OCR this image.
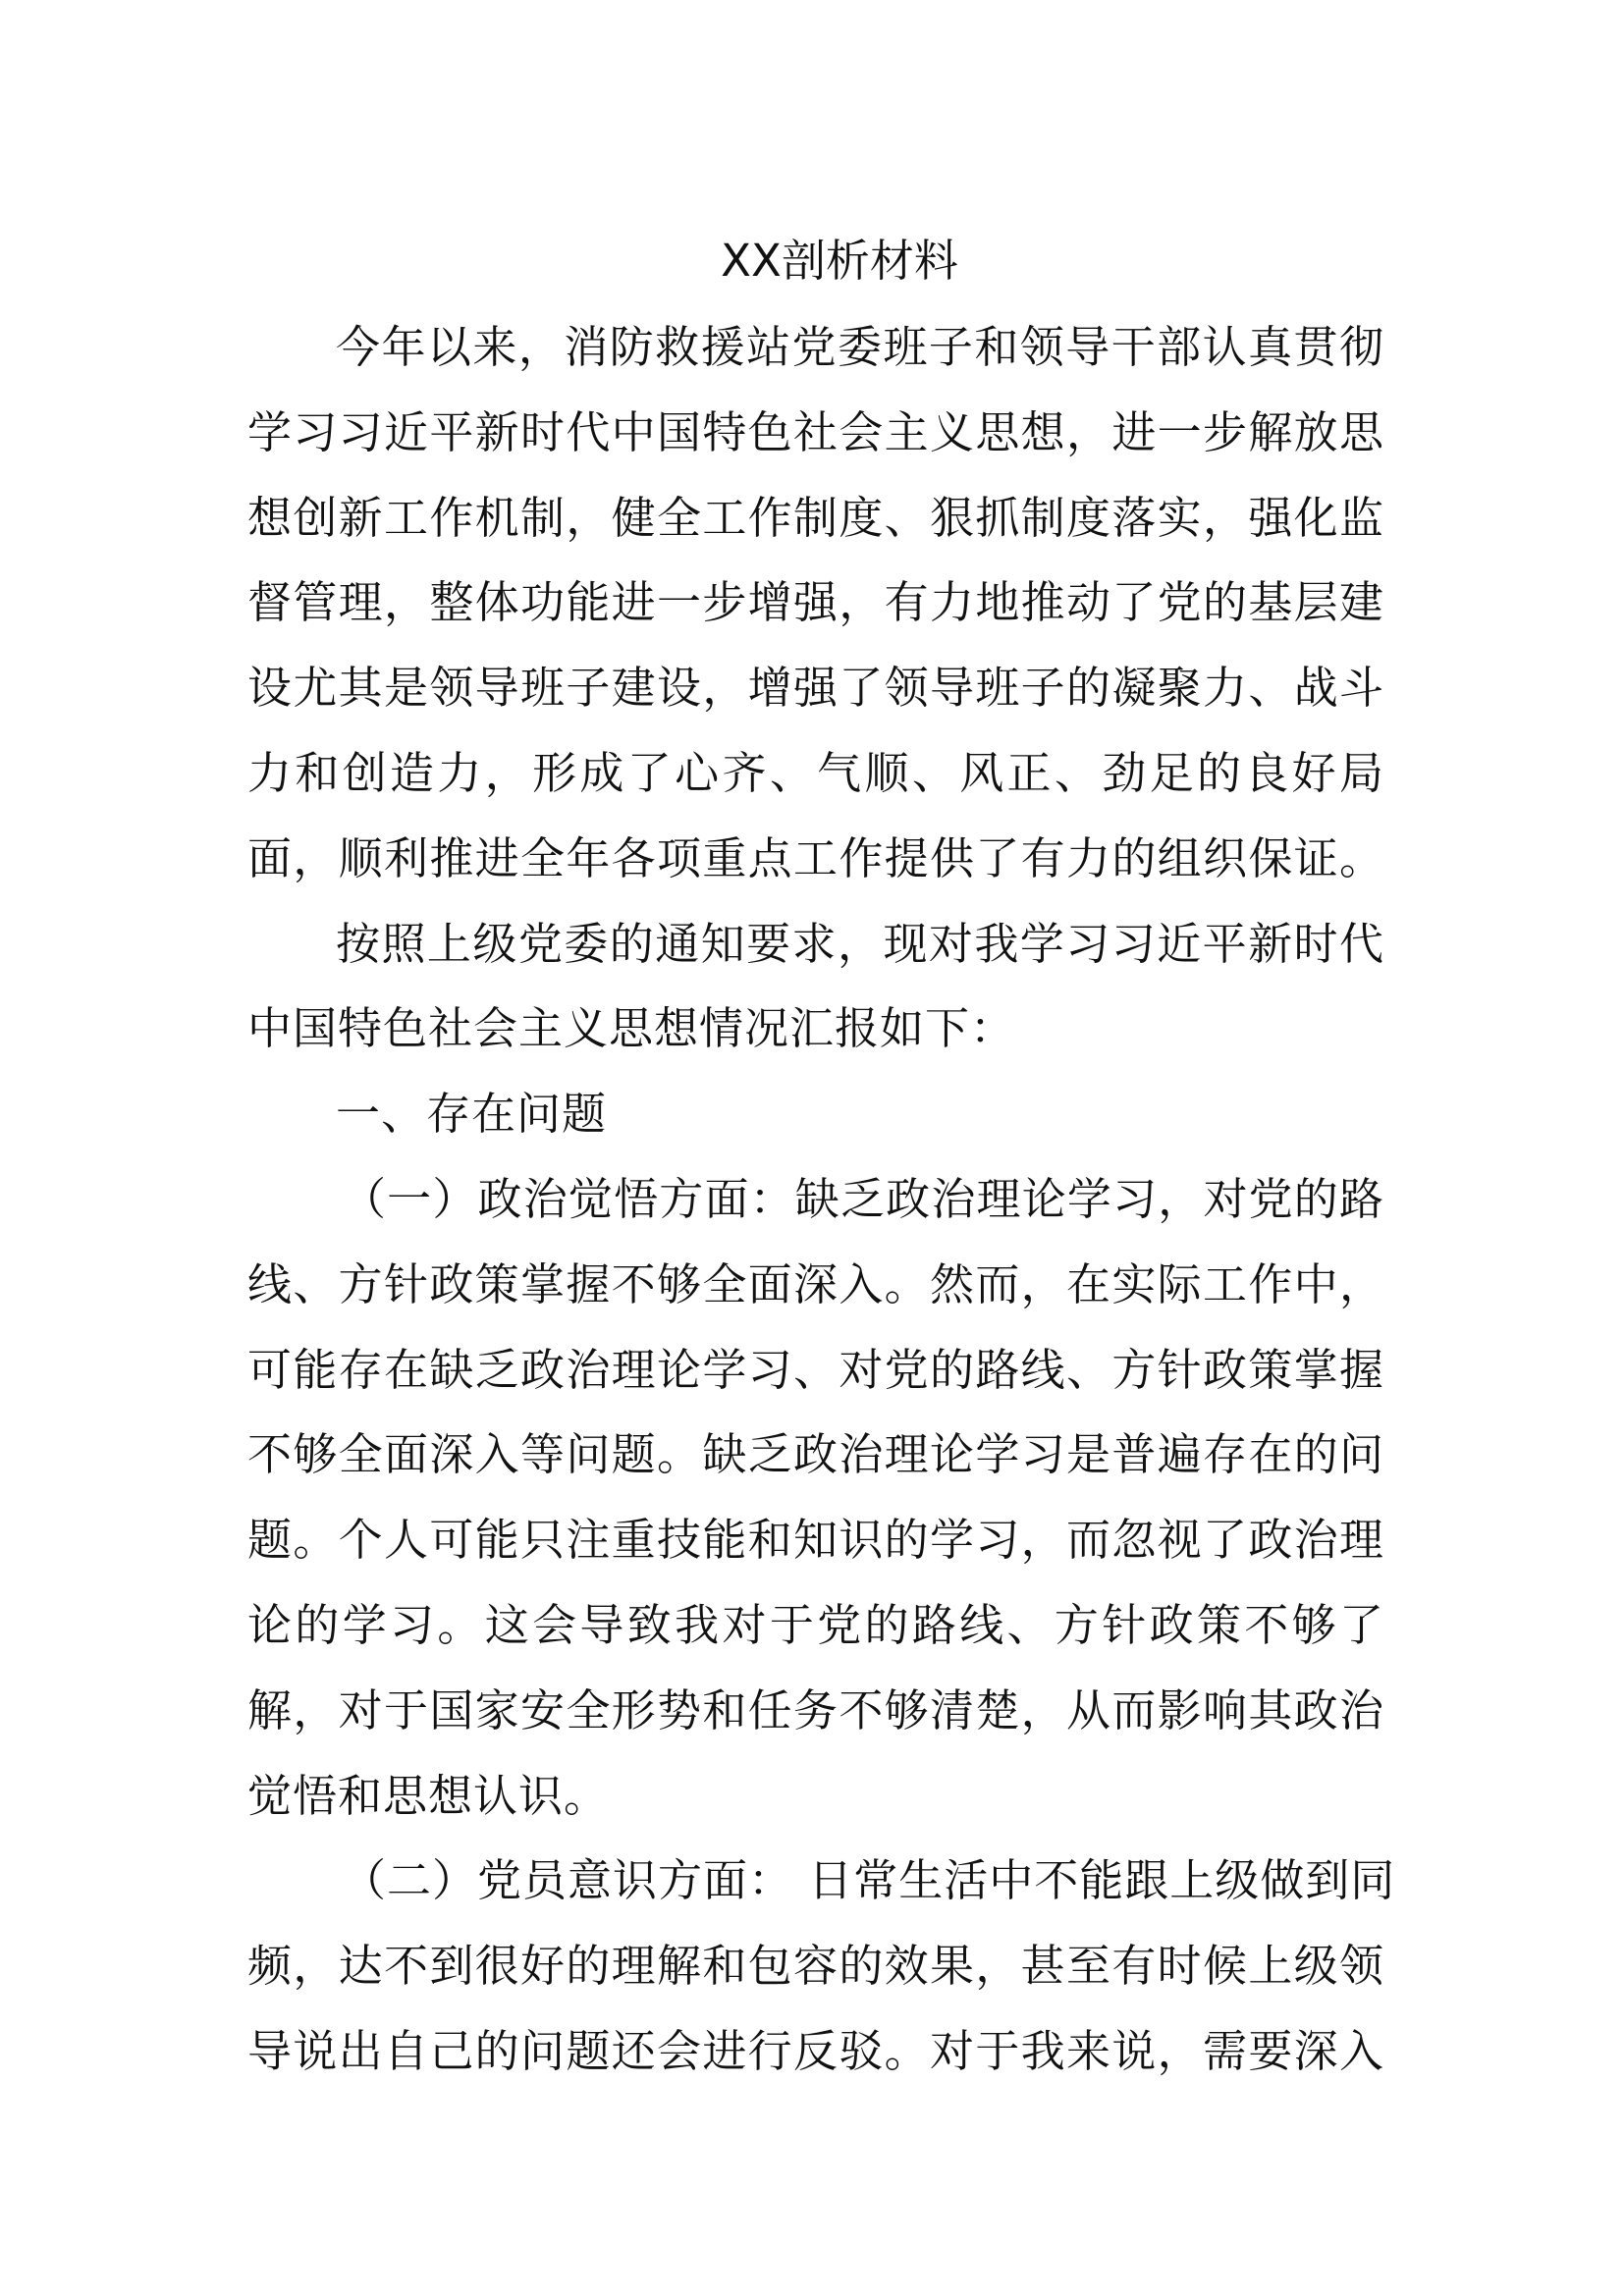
XX剖析材料
今年以来，消防救援站党委班子和领导干部认真贯彻
学习习近平新时代中国特色社会主义思想，进一步解放思
想创新工作机制，健全工作制度、狠抓制度落实，强化监
督管理，整体功能进一步增强，有力地推动了党的基层建
设尤其是领导班子建设，增强了领导班子的凝聚力、战斗
力和创造力，形成了心齐、气顺、风正、劲足的良好局
面，顺利推进全年各项重点工作提供了有力的组织保证。
按照上级党委的通知要求，现对我学习习近平新时代
中国特色社会主义思想情况汇报如下：
一、存在问题
（一）政治觉悟方面：缺乏政治理论学习，对党的路
线、方针政策掌握不够全面深入。然而，在实际工作中，
可能存在缺乏政治理论学习、对党的路线、方针政策掌握
不够全面深入等问题。缺乏政治理论学习是普遍存在的问
题。个人可能只注重技能和知识的学习，而忽视了政治理
论的学习。这会导致我对于党的路线、方针政策不够了
解，对于国家安全形势和任务不够清楚，从而影响其政治
觉悟和思想认识。
（二）党员意识方面： 日常生活中不能跟上级做到同
频，达不到很好的理解和包容的效果，甚至有时候上级领
导说出自己的问题还会进行反驳。对于我来说，需要深入
